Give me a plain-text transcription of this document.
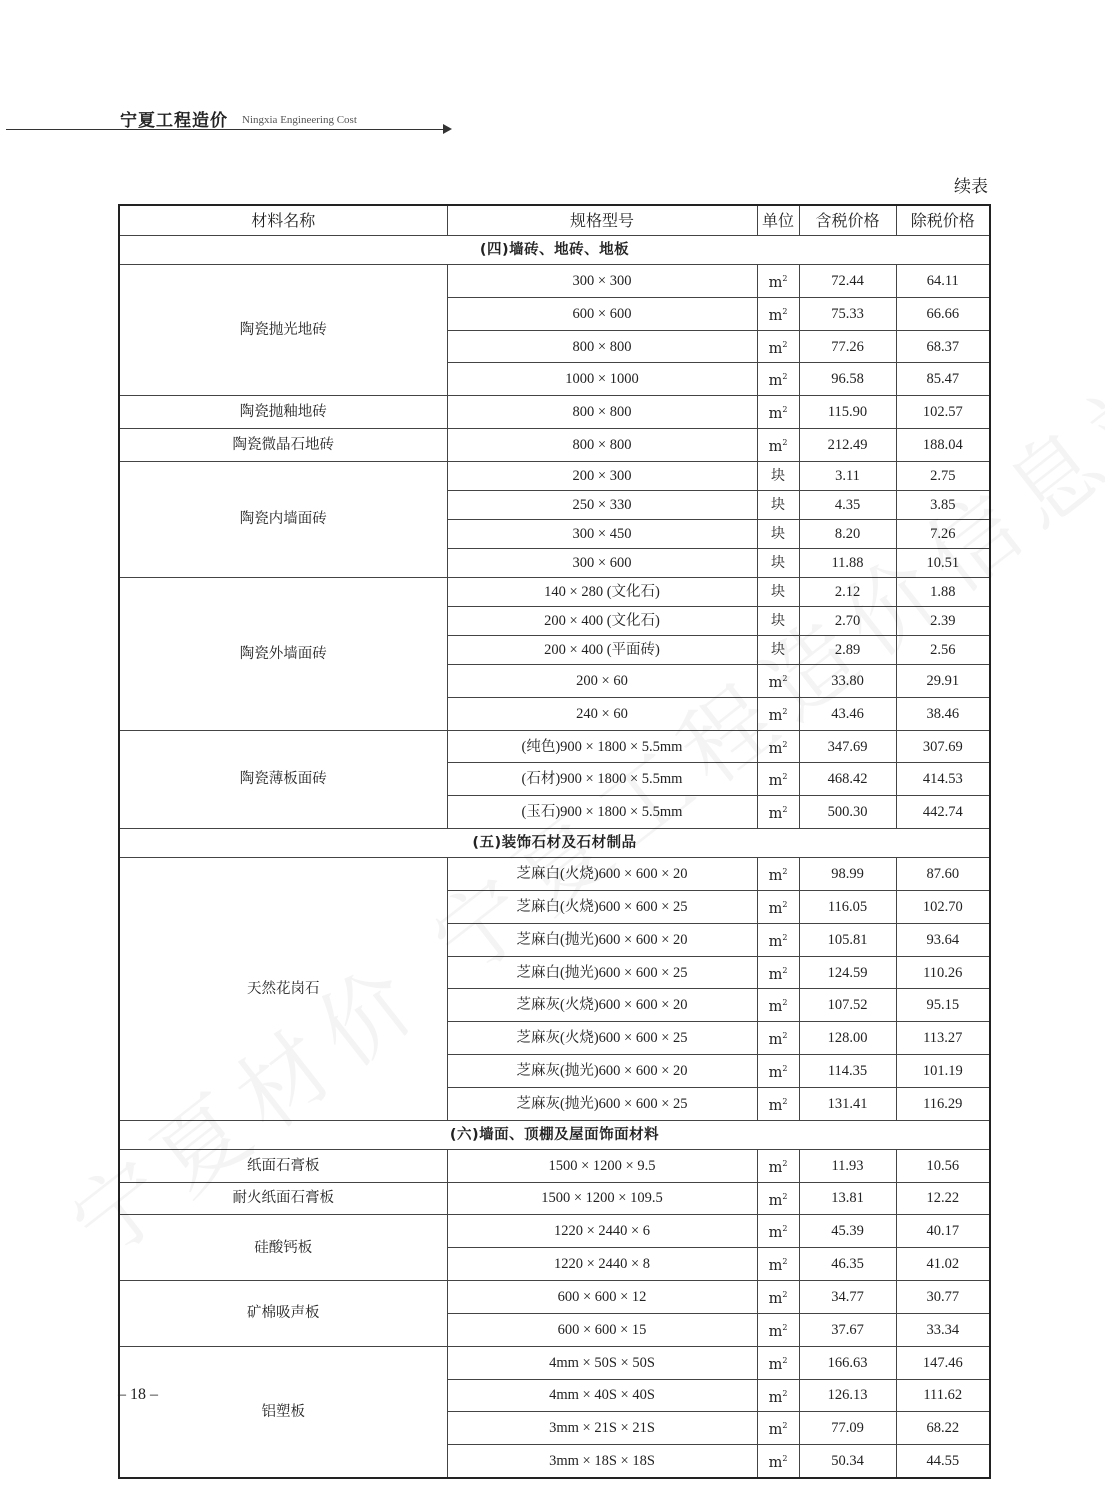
宁夏工程造价 Ningxia Engineering Cost
续表
材料名称	规格型号	单位	含税价格	除税价格
(四)墙砖、地砖、地板				
陶瓷抛光地砖	300 × 300	$m^2$	72.44	64.11
	600 × 600	$m^2$	75.33	66.66
	800 × 800	$m^2$	77.26	68.37
	1000 × 1000	$m^2$	96.58	85.47
陶瓷抛釉地砖	800 × 800	$m^2$	115.90	102.57
陶瓷微晶石地砖	800 × 800	$m^2$	212.49	188.04
陶瓷内墙面砖	200 × 300	块	3.11	2.75
	250 × 330	块	4.35	3.85
	300 × 450	块	8.20	7.26
	300 × 600	块	11.88	10.51
陶瓷外墙面砖	140 × 280 (文化石)	块	2.12	1.88
	200 × 400 (文化石)	块	2.70	2.39
	200 × 400 (平面砖)	块	2.89	2.56
	200 × 60	$m^2$	33.80	29.91
	240 × 60	$m^2$	43.46	38.46
陶瓷薄板面砖	(纯色)900 × 1800 × 5.5mm	$m^2$	347.69	307.69
	(石材)900 × 1800 × 5.5mm	$m^2$	468.42	414.53
	(玉石)900 × 1800 × 5.5mm	$m^2$	500.30	442.74
(五)装饰石材及石材制品				
天然花岗石	芝麻白(火烧)600 × 600 × 20	$m^2$	98.99	87.60
	芝麻白(火烧)600 × 600 × 25	$m^2$	116.05	102.70
	芝麻白(抛光)600 × 600 × 20	$m^2$	105.81	93.64
	芝麻白(抛光)600 × 600 × 25	$m^2$	124.59	110.26
	芝麻灰(火烧)600 × 600 × 20	$m^2$	107.52	95.15
	芝麻灰(火烧)600 × 600 × 25	$m^2$	128.00	113.27
	芝麻灰(抛光)600 × 600 × 20	$m^2$	114.35	101.19
	芝麻灰(抛光)600 × 600 × 25	$m^2$	131.41	116.29
(六)墙面、顶棚及屋面饰面材料				
纸面石膏板	1500 × 1200 × 9.5	$m^2$	11.93	10.56
耐火纸面石膏板	1500 × 1200 × 109.5	$m^2$	13.81	12.22
硅酸钙板	1220 × 2440 × 6	$m^2$	45.39	40.17
	1220 × 2440 × 8	$m^2$	46.35	41.02
矿棉吸声板	600 × 600 × 12	$m^2$	34.77	30.77
	600 × 600 × 15	$m^2$	37.67	33.34
铝塑板	4mm × 50S × 50S	$m^2$	166.63	147.46
	4mm × 40S × 40S	$m^2$	126.13	111.62
	3mm × 21S × 21S	$m^2$	77.09	68.22
	3mm × 18S × 18S	$m^2$	50.34	44.55
– 18 –
